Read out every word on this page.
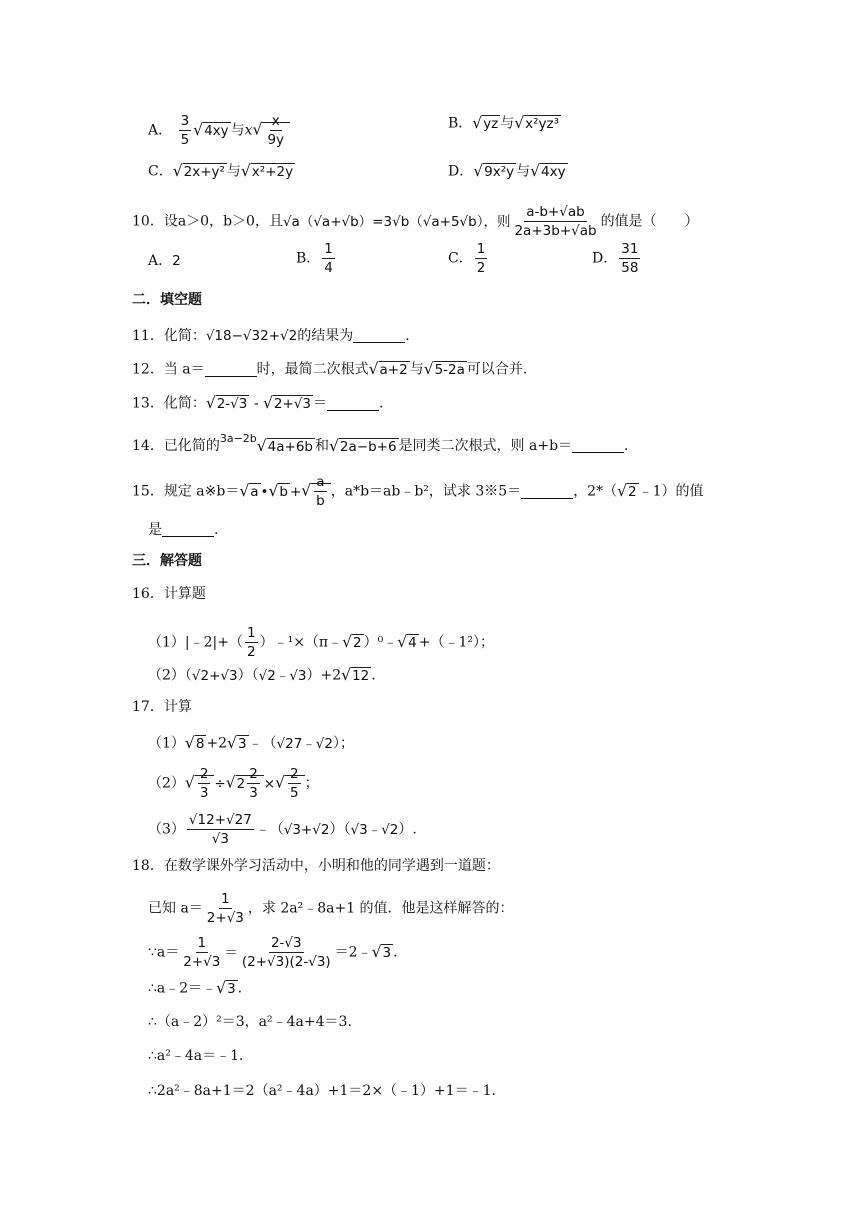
A． $\frac{3}{5} √4xy$ 与$x√ \frac{x}{9y}$	B．√yz 与√x²yz³
C．√2x+y² 与√x²+2y	D．√9x²y 与√4xy
10．设a＞0，b＞0，且√a（√a+√b）=3√b（√a+5√b），则 $\frac{a-b+√ab}{2a+3b+√ab}$ 的值是（　　）
A．2	B． $\frac{1}{4}$	C． $\frac{1}{2}$	D． $\frac{31}{58}$
二．填空题
11．化简：√18−√32+√2的结果为	.
12．当 a＝	时，最简二次根式√a+2 与√5-2a 可以合并.
13．化简：√2-√3 - √2+√3 ＝	.
14．已化简的$^{3a-2b}$√4a+6b 和√2a−b+6 是同类二次根式，则 a+b＝	.
15．规定 a※b＝√a •√b +√ $\frac{a}{b}$ ，a*b＝ab﹣b²，试求 3※5＝	，2*（√2 ﹣1）的值
是	.
三．解答题
16．计算题
（1）|﹣2|+（ $\frac{1}{2}$ ）﹣¹×（π﹣√2 ）⁰﹣√4 +（﹣1²）；
（2）（√2+√3）（√2﹣√3）+2√12 .
17．计算
（1）√8 +2√3 ﹣（√27﹣√2）；
$(2)√ \frac{2}{3} \div√2 \frac{2}{3}$ ×√ $\frac{2}{5}$ ；
$(3) \frac{√12+√27}{√3}$ ﹣（√3+√2）（√3﹣√2）.
18．在数学课外学习活动中，小明和他的同学遇到一道题：
已知 $a= \frac{1}{2+√3}$ ，求 2a²﹣8a+1 的值．他是这样解答的：
∵a＝ $\frac{1}{2+√3} = \frac{2-√3}{(2+√3)(2-√3)}$ ＝2﹣√3 .
∴a﹣2＝﹣√3 .
∴（a﹣2）²＝3，a²﹣4a+4＝3．
∴a²﹣4a＝﹣1．
∴2a²﹣8a+1＝2（a²﹣4a）+1＝2×（﹣1）+1＝﹣1．
